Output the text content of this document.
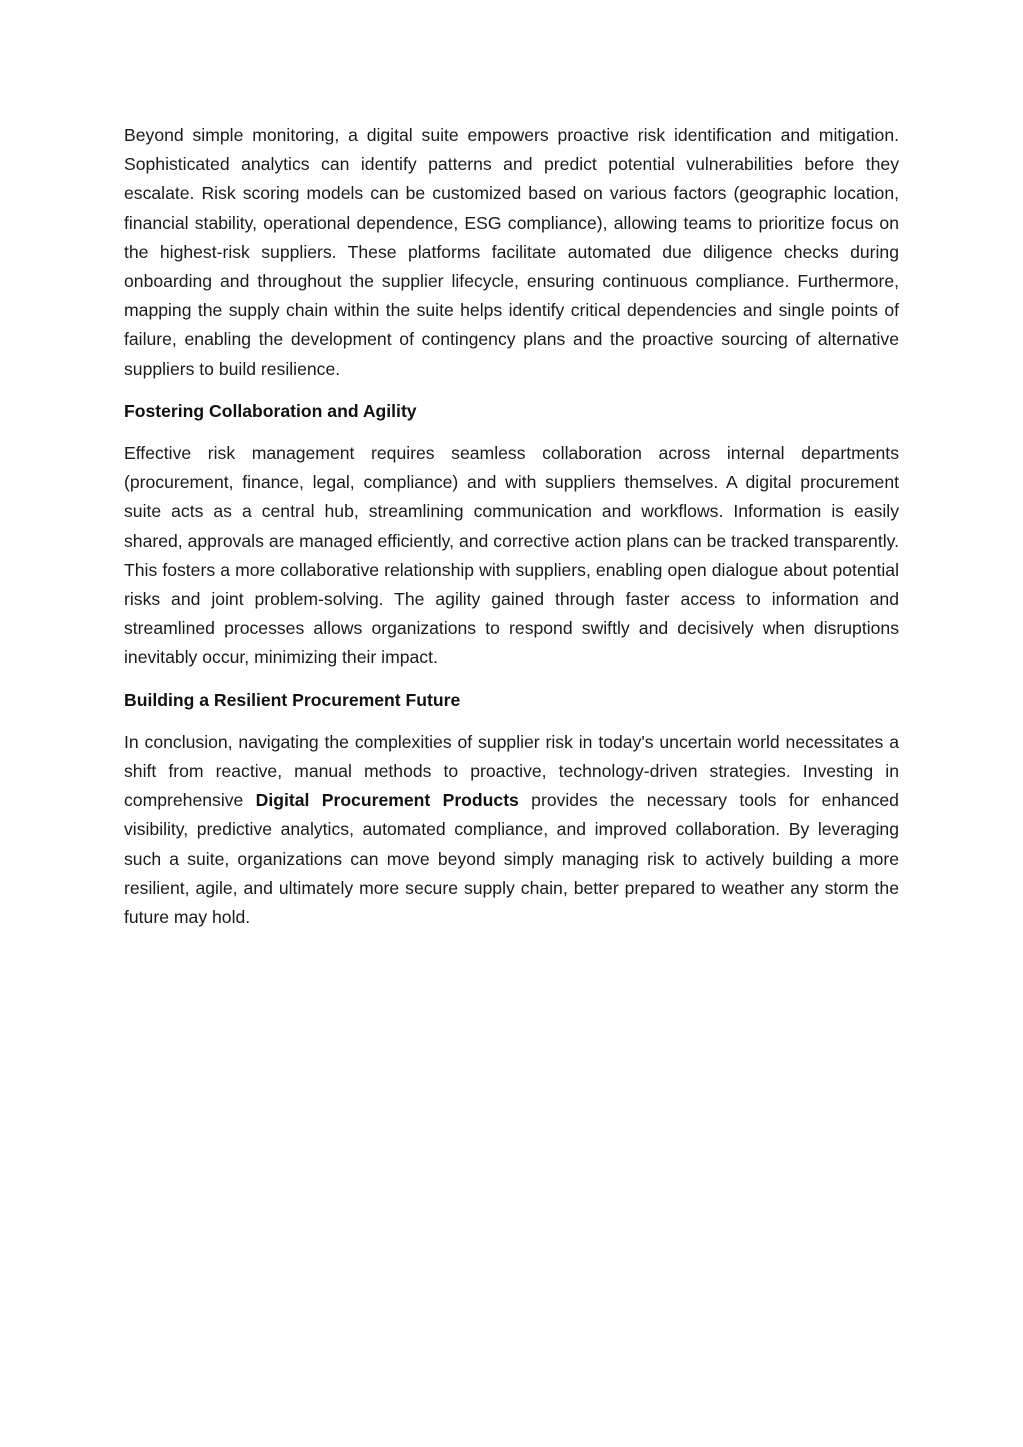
Beyond simple monitoring, a digital suite empowers proactive risk identification and mitigation. Sophisticated analytics can identify patterns and predict potential vulnerabilities before they escalate. Risk scoring models can be customized based on various factors (geographic location, financial stability, operational dependence, ESG compliance), allowing teams to prioritize focus on the highest-risk suppliers. These platforms facilitate automated due diligence checks during onboarding and throughout the supplier lifecycle, ensuring continuous compliance. Furthermore, mapping the supply chain within the suite helps identify critical dependencies and single points of failure, enabling the development of contingency plans and the proactive sourcing of alternative suppliers to build resilience.

Fostering Collaboration and Agility

Effective risk management requires seamless collaboration across internal departments (procurement, finance, legal, compliance) and with suppliers themselves. A digital procurement suite acts as a central hub, streamlining communication and workflows. Information is easily shared, approvals are managed efficiently, and corrective action plans can be tracked transparently. This fosters a more collaborative relationship with suppliers, enabling open dialogue about potential risks and joint problem-solving. The agility gained through faster access to information and streamlined processes allows organizations to respond swiftly and decisively when disruptions inevitably occur, minimizing their impact.

Building a Resilient Procurement Future

In conclusion, navigating the complexities of supplier risk in today's uncertain world necessitates a shift from reactive, manual methods to proactive, technology-driven strategies. Investing in comprehensive Digital Procurement Products provides the necessary tools for enhanced visibility, predictive analytics, automated compliance, and improved collaboration. By leveraging such a suite, organizations can move beyond simply managing risk to actively building a more resilient, agile, and ultimately more secure supply chain, better prepared to weather any storm the future may hold.
